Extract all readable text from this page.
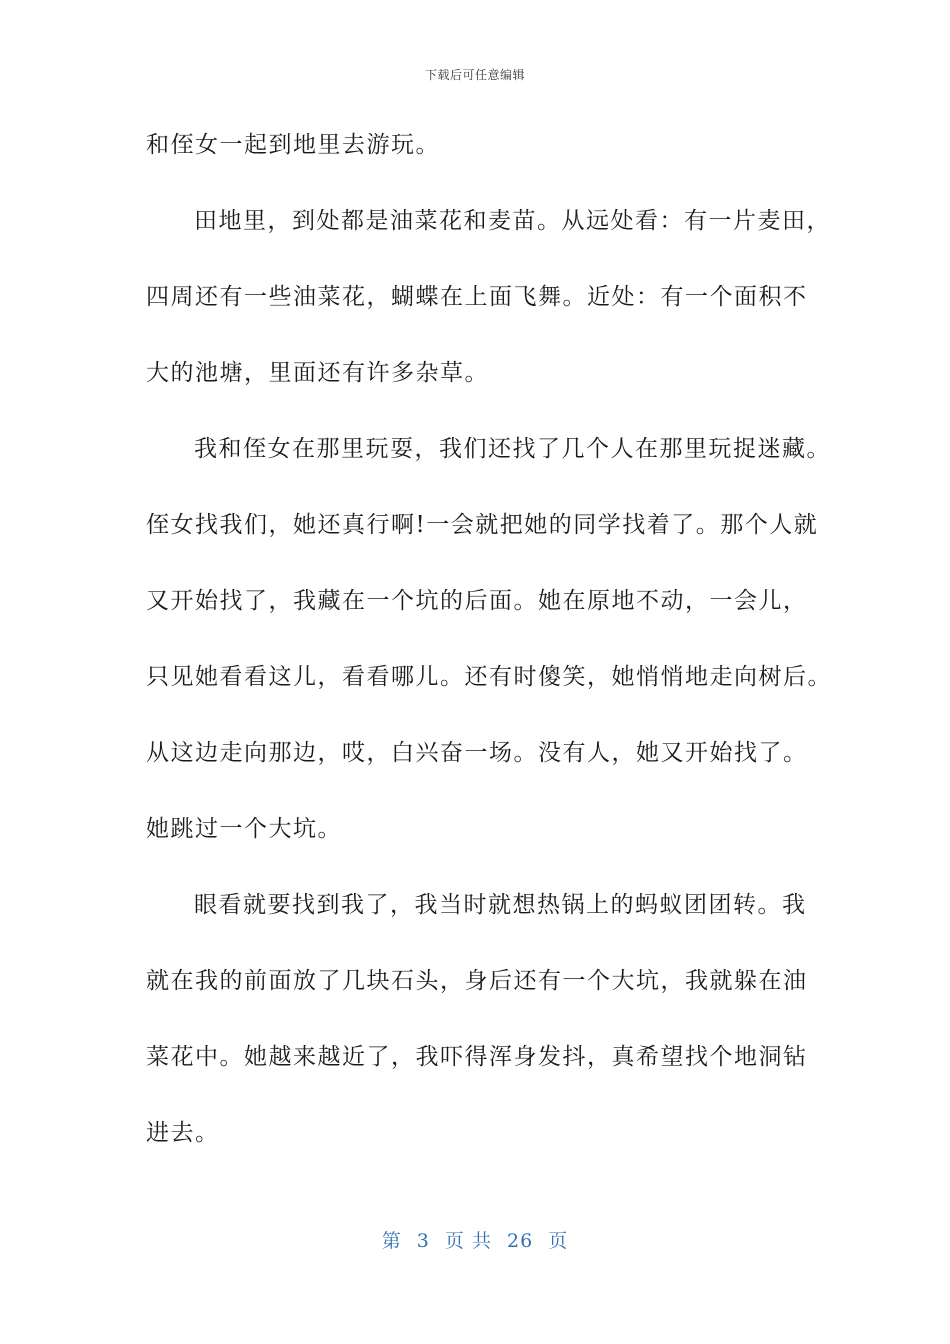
下载后可任意编辑
和侄女一起到地里去游玩。
田地里，到处都是油菜花和麦苗。从远处看：有一片麦田，
四周还有一些油菜花，蝴蝶在上面飞舞。近处：有一个面积不
大的池塘，里面还有许多杂草。
我和侄女在那里玩耍，我们还找了几个人在那里玩捉迷藏。
侄女找我们，她还真行啊!一会就把她的同学找着了。那个人就
又开始找了，我藏在一个坑的后面。她在原地不动，一会儿，
只见她看看这儿，看看哪儿。还有时傻笑，她悄悄地走向树后。
从这边走向那边，哎，白兴奋一场。没有人，她又开始找了。
她跳过一个大坑。
眼看就要找到我了，我当时就想热锅上的蚂蚁团团转。我
就在我的前面放了几块石头，身后还有一个大坑，我就躲在油
菜花中。她越来越近了，我吓得浑身发抖，真希望找个地洞钻
进去。
第 3 页 共 26 页
